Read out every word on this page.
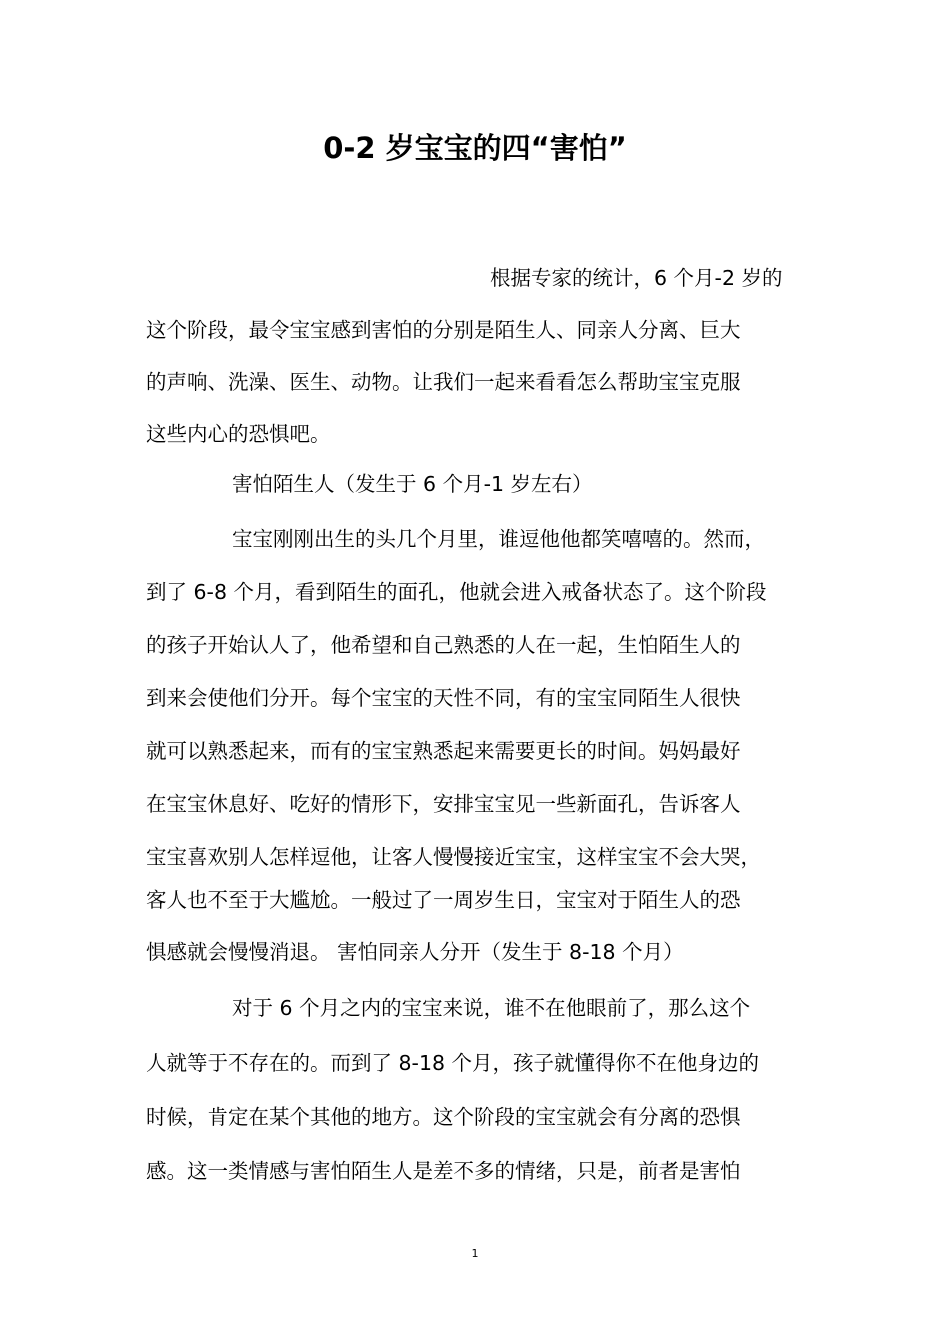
0-2 岁宝宝的四“害怕”

根据专家的统计，6 个月-2 岁的

这个阶段，最令宝宝感到害怕的分别是陌生人、同亲人分离、巨大

的声响、洗澡、医生、动物。让我们一起来看看怎么帮助宝宝克服

这些内心的恐惧吧。

害怕陌生人（发生于 6 个月-1 岁左右）

宝宝刚刚出生的头几个月里，谁逗他他都笑嘻嘻的。然而，

到了 6-8 个月，看到陌生的面孔，他就会进入戒备状态了。这个阶段

的孩子开始认人了，他希望和自己熟悉的人在一起，生怕陌生人的

到来会使他们分开。每个宝宝的天性不同，有的宝宝同陌生人很快

就可以熟悉起来，而有的宝宝熟悉起来需要更长的时间。妈妈最好

在宝宝休息好、吃好的情形下，安排宝宝见一些新面孔，告诉客人

宝宝喜欢别人怎样逗他，让客人慢慢接近宝宝，这样宝宝不会大哭，

客人也不至于大尴尬。一般过了一周岁生日，宝宝对于陌生人的恐

惧感就会慢慢消退。 害怕同亲人分开（发生于 8-18 个月）

对于 6 个月之内的宝宝来说，谁不在他眼前了，那么这个

人就等于不存在的。而到了 8-18 个月，孩子就懂得你不在他身边的

时候，肯定在某个其他的地方。这个阶段的宝宝就会有分离的恐惧

感。这一类情感与害怕陌生人是差不多的情绪，只是，前者是害怕

1
